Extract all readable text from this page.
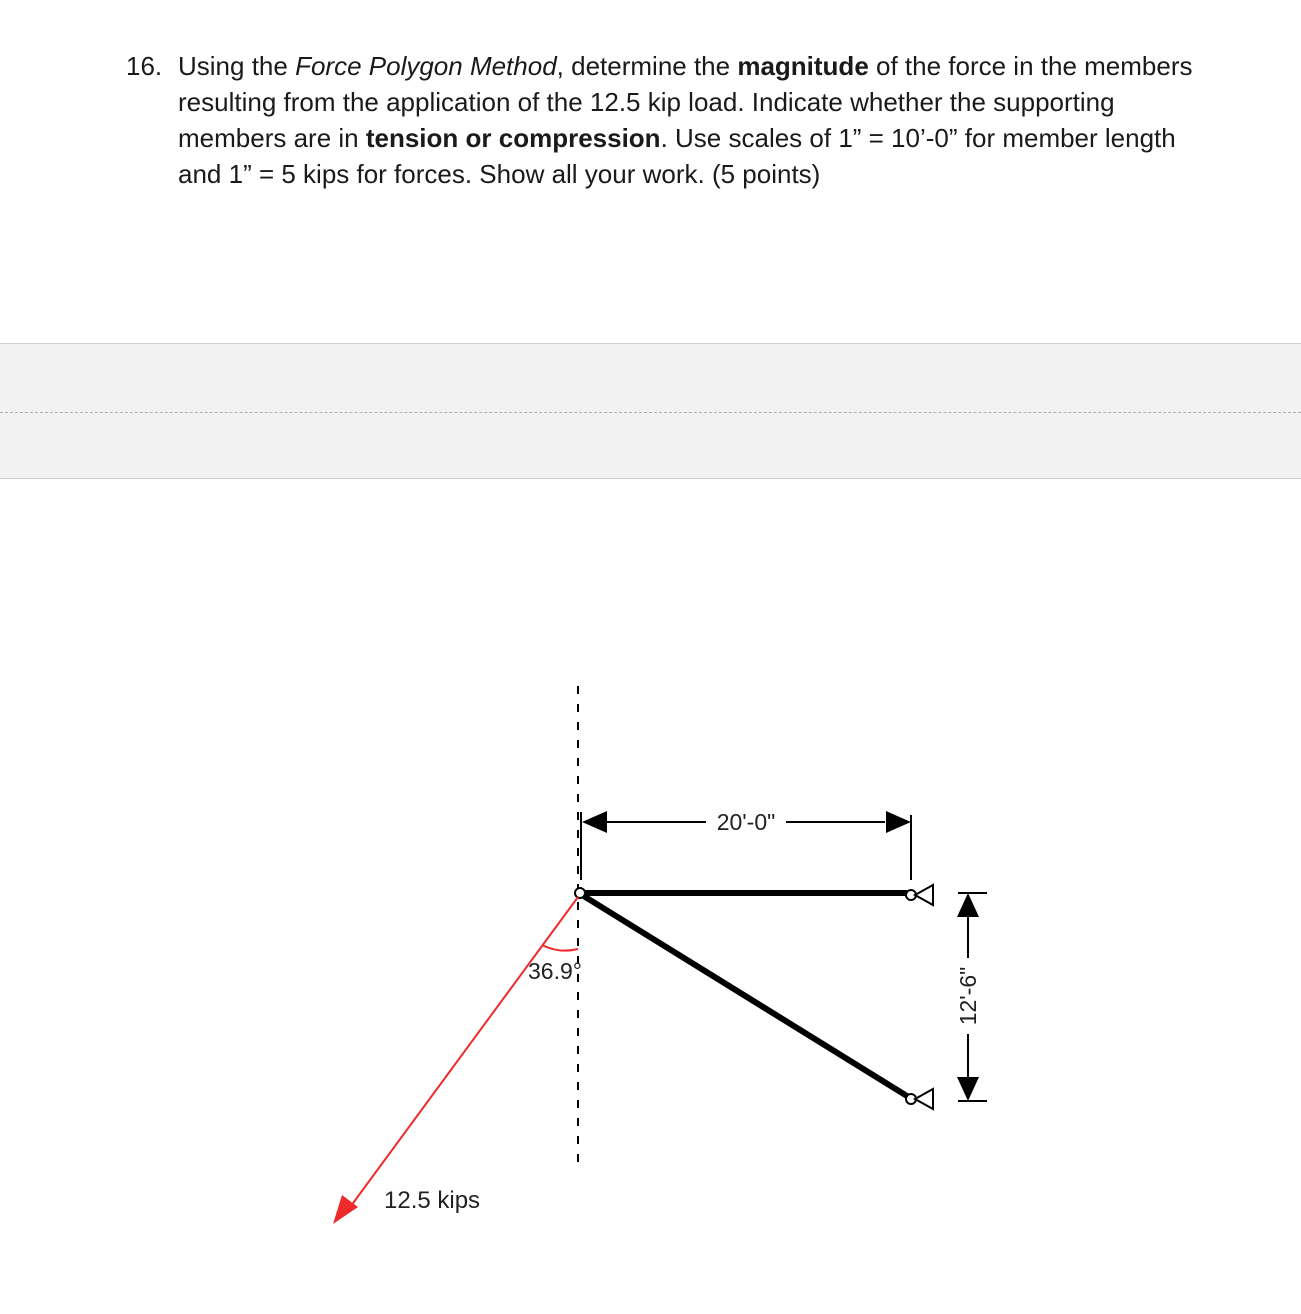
16. Using the Force Polygon Method, determine the magnitude of the force in the members resulting from the application of the 12.5 kip load. Indicate whether the supporting members are in tension or compression. Use scales of 1” = 10’-0” for member length and 1” = 5 kips for forces. Show all your work. (5 points)
20'-0"
12'-6"
36.9°
12.5 kips
